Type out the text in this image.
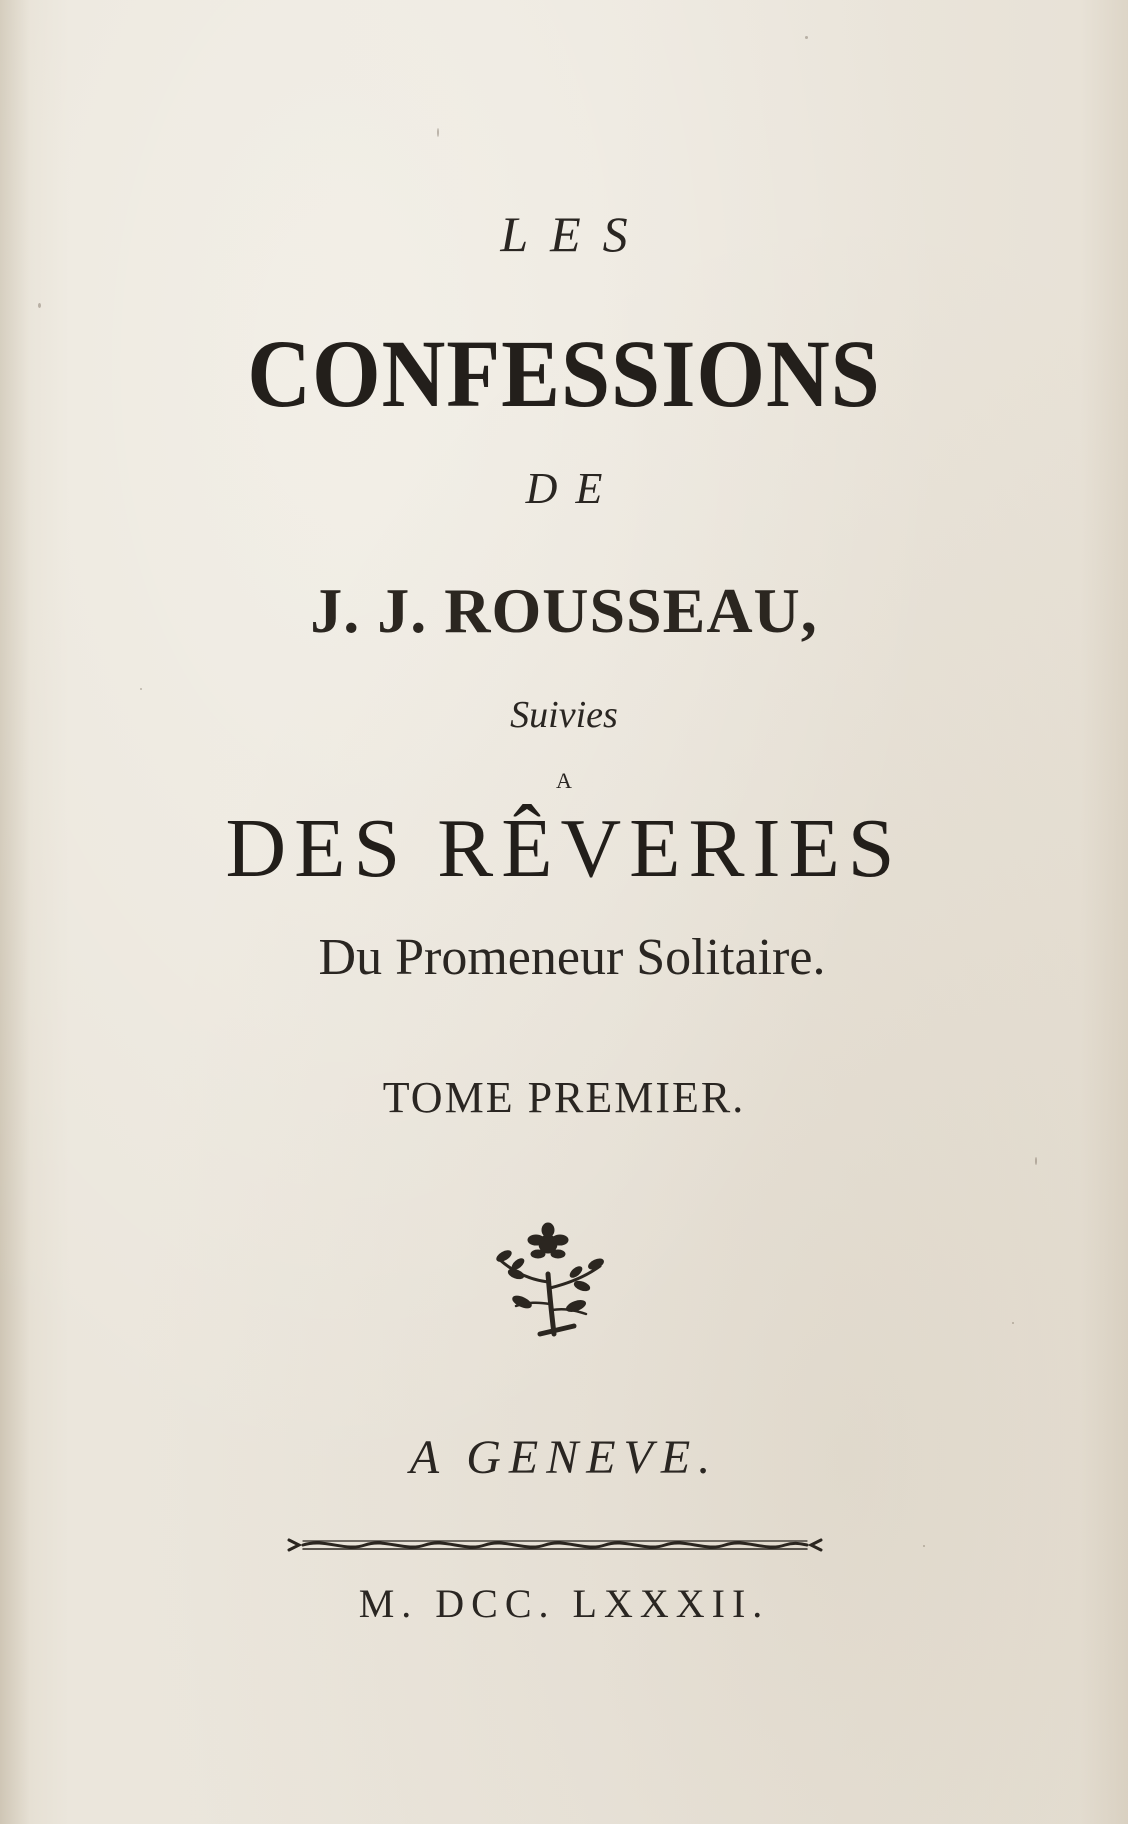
LES
CONFESSIONS
DE
J. J. ROUSSEAU,
Suivies
A
DES RÊVERIES
Du Promeneur Solitaire.
TOME PREMIER.
A GENEVE.
M. DCC. LXXXII.
